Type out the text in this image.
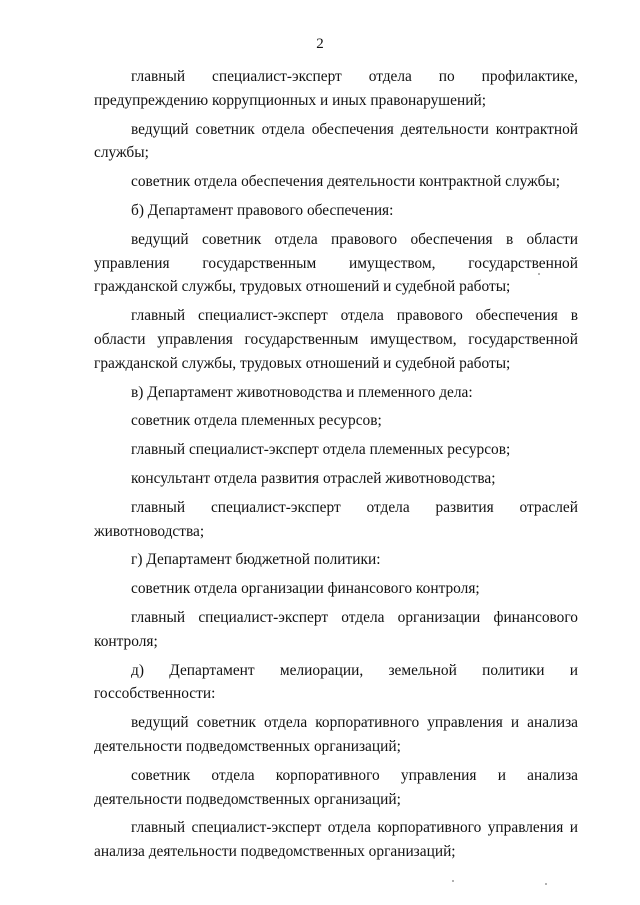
2

главный специалист-эксперт отдела по профилактике, предупреждению коррупционных и иных правонарушений;

ведущий советник отдела обеспечения деятельности контрактной службы;

советник отдела обеспечения деятельности контрактной службы;

б) Департамент правового обеспечения:

ведущий советник отдела правового обеспечения в области управления государственным имуществом, государственной гражданской службы, трудовых отношений и судебной работы;

главный специалист-эксперт отдела правового обеспечения в области управления государственным имуществом, государственной гражданской службы, трудовых отношений и судебной работы;

в) Департамент животноводства и племенного дела:

советник отдела племенных ресурсов;

главный специалист-эксперт отдела племенных ресурсов;

консультант отдела развития отраслей животноводства;

главный специалист-эксперт отдела развития отраслей животноводства;

г) Департамент бюджетной политики:

советник отдела организации финансового контроля;

главный специалист-эксперт отдела организации финансового контроля;

д) Департамент мелиорации, земельной политики и госсобственности:

ведущий советник отдела корпоративного управления и анализа деятельности подведомственных организаций;

советник отдела корпоративного управления и анализа деятельности подведомственных организаций;

главный специалист-эксперт отдела корпоративного управления и анализа деятельности подведомственных организаций;
